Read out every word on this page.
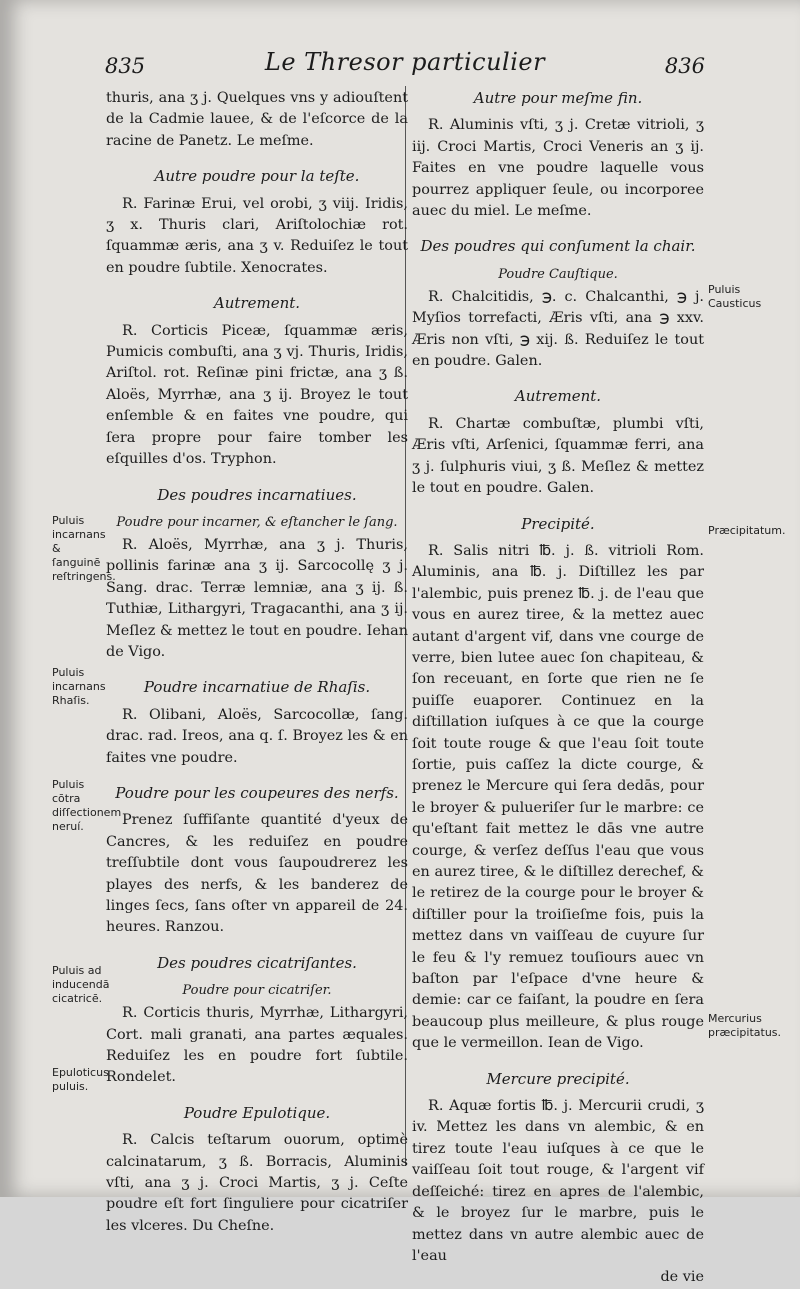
835	Le Thresor particulier	836

thuris, ana ʒ j. Quelques vns y adiouſtent de la Cadmie lauee, & de l'eſcorce de la racine de Panetz. Le meſme.

Autre poudre pour la teſte.

R. Farinæ Erui, vel orobi, ʒ viij. Iridis, ʒ x. Thuris clari, Ariſtolochiæ rot. ſquammæ æris, ana ʒ v. Reduiſez le tout en poudre ſubtile. Xenocrates.

Autrement.

R. Corticis Piceæ, ſquammæ æris, Pumicis combuſti, ana ʒ vj. Thuris, Iridis, Ariſtol. rot. Reſinæ pini frictæ, ana ʒ ß. Aloës, Myrrhæ, ana ʒ ij. Broyez le tout enſemble & en faites vne poudre, qui ſera propre pour faire tomber les eſquilles d'os. Tryphon.

Des poudres incarnatiues.
Poudre pour incarner, & eſtancher le ſang.

R. Aloës, Myrrhæ, ana ʒ j. Thuris, pollinis farinæ ana ʒ ij. Sarcocollę ʒ j. Sang. drac. Terræ lemniæ, ana ʒ ij. ß. Tuthiæ, Lithargyri, Tragacanthi, ana ʒ ij. Meſlez & mettez le tout en poudre. Iehan de Vigo.

Poudre incarnatiue de Rhaſis.

R. Olibani, Aloës, Sarcocollæ, ſang. drac. rad. Ireos, ana q. ſ. Broyez les & en faites vne poudre.

Poudre pour les coupeures des nerfs.

Prenez ſuffiſante quantité d'yeux de Cancres, & les reduiſez en poudre treſſubtile dont vous ſaupoudrerez les playes des nerfs, & les banderez de linges ſecs, ſans oſter vn appareil de 24. heures. Ranzou.

Des poudres cicatriſantes.
Poudre pour cicatriſer.

R. Corticis thuris, Myrrhæ, Lithargyri, Cort. mali granati, ana partes æquales. Reduiſez les en poudre fort ſubtile. Rondelet.

Poudre Epulotique.

R. Calcis teſtarum ouorum, optimè calcinatarum, ʒ ß. Borracis, Aluminis vſti, ana ʒ j. Croci Martis, ʒ j. Ceſte poudre eſt fort ſinguliere pour cicatriſer les vlceres. Du Cheſne.

Autre pour meſme fin.

R. Aluminis vſti, ʒ j. Cretæ vitrioli, ʒ iij. Croci Martis, Croci Veneris an ʒ ij. Faites en vne poudre laquelle vous pourrez appliquer ſeule, ou incorporee auec du miel. Le meſme.

Des poudres qui conſument la chair.
Poudre Cauſtique.

R. Chalcitidis, ℈. c. Chalcanthi, ℈ j. Myſios torrefacti, Æris vſti, ana ℈ xxv. Æris non vſti, ℈ xij. ß. Reduiſez le tout en poudre. Galen.

Autrement.

R. Chartæ combuſtæ, plumbi vſti, Æris vſti, Arſenici, ſquammæ ferri, ana ʒ j. ſulphuris viui, ʒ ß. Meſlez & mettez le tout en poudre. Galen.

Precipité.

R. Salis nitri ℔. j. ß. vitrioli Rom. Aluminis, ana ℔. j. Diſtillez les par l'alembic, puis prenez ℔. j. de l'eau que vous en aurez tiree, & la mettez auec autant d'argent vif, dans vne courge de verre, bien lutee auec ſon chapiteau, & ſon receuant, en ſorte que rien ne ſe puiſſe euaporer. Continuez en la diſtillation iuſques à ce que la courge ſoit toute rouge & que l'eau ſoit toute ſortie, puis caſſez la dicte courge, & prenez le Mercure qui ſera dedās, pour le broyer & pulueriſer ſur le marbre: ce qu'eſtant fait mettez le dās vne autre courge, & verſez deſſus l'eau que vous en aurez tiree, & le diſtillez derechef, & le retirez de la courge pour le broyer & diſtiller pour la troiſieſme fois, puis la mettez dans vn vaiſſeau de cuyure ſur le feu & l'y remuez touſiours auec vn baſton par l'eſpace d'vne heure & demie: car ce faiſant, la poudre en ſera beaucoup plus meilleure, & plus rouge que le vermeillon. Iean de Vigo.

Mercure precipité.

R. Aquæ fortis ℔. j. Mercurii crudi, ʒ iv. Mettez les dans vn alembic, & en tirez toute l'eau iuſques à ce que le vaiſſeau ſoit tout rouge, & l'argent vif deſſeiché: tirez en apres de l'alembic, & le broyez ſur le marbre, puis le mettez dans vn autre alembic auec de l'eau

de vie

Puluis incarnans & ſanguinē reſtringens.
Puluis incarnans Rhaſis.
Puluis cōtra diſſectionem neruí.
Puluis ad inducendā cicatricē.
Epuloticus puluis.
Puluis Causticus
Præcipitatum.
Mercurius præcipitatus.
